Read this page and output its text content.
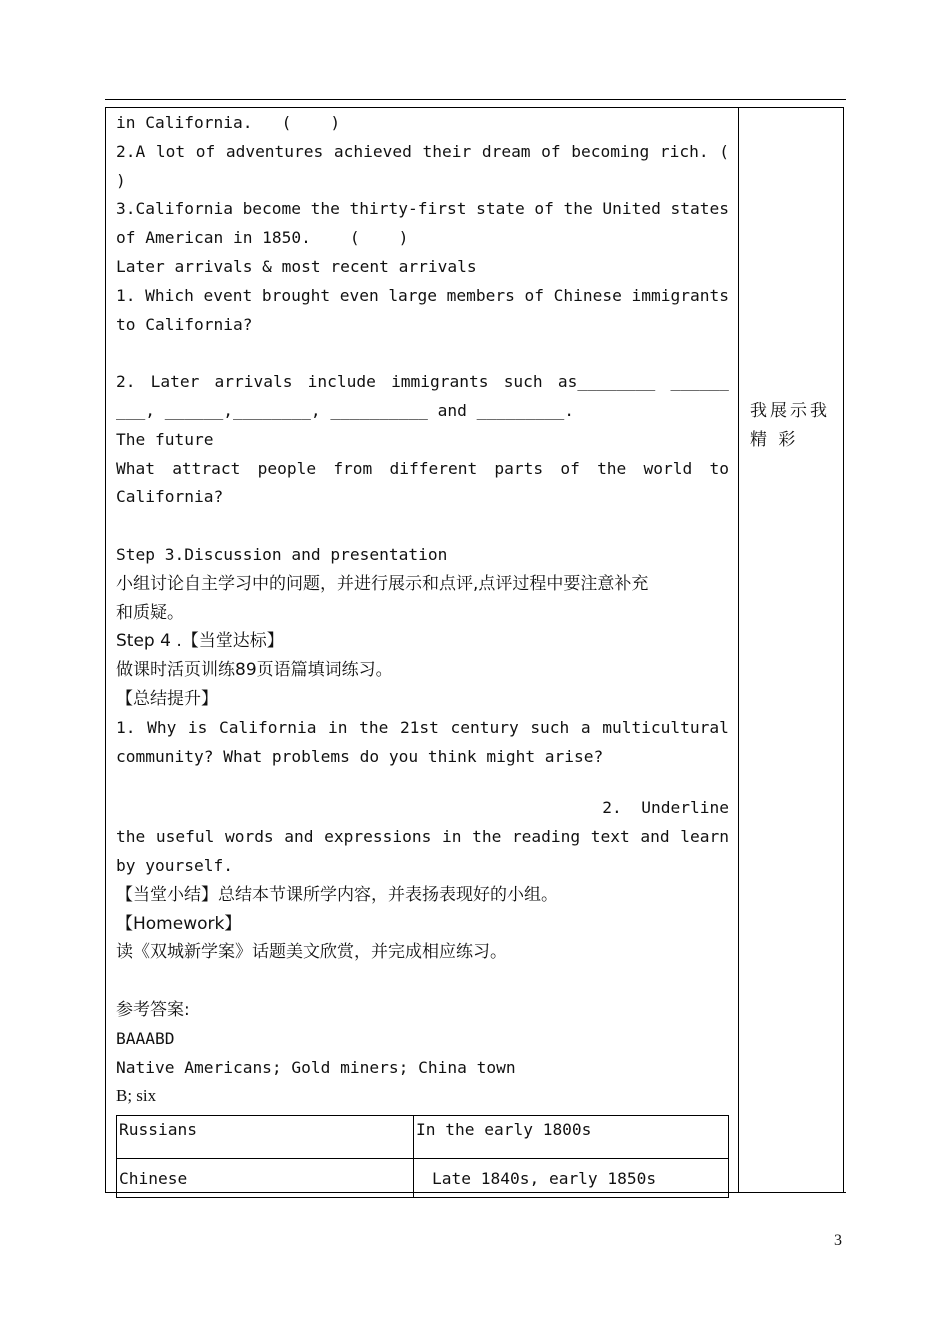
in California.   (    )
2.A lot of adventures achieved their dream of becoming rich. (
)
3.California become the thirty-first state of the United states
of American in 1850.    (    )
Later arrivals & most recent arrivals
1. Which event brought even large members of Chinese immigrants
to California?
2. Later arrivals include immigrants such as________ ______
___, ______,________, __________ and _________.
The future
What attract people from different parts of the world to
California?
Step 3.Discussion and presentation
小组讨论自主学习中的问题，并进行展示和点评,点评过程中要注意补充
和质疑。
Step 4 .【当堂达标】
做课时活页训练89页语篇填词练习。
【总结提升】
1. Why is California in the 21st century such a multicultural
community? What problems do you think might arise?
2.  Underline
the useful words and expressions in the reading text and learn
by yourself.
【当堂小结】总结本节课所学内容，并表扬表现好的小组。
【Homework】
读《双城新学案》话题美文欣赏，并完成相应练习。
参考答案:
BAAABD
Native Americans; Gold miners; China town
B; six
我展示我
精 彩
Russians	In the early 1800s
Chinese	Late 1840s, early 1850s
3
